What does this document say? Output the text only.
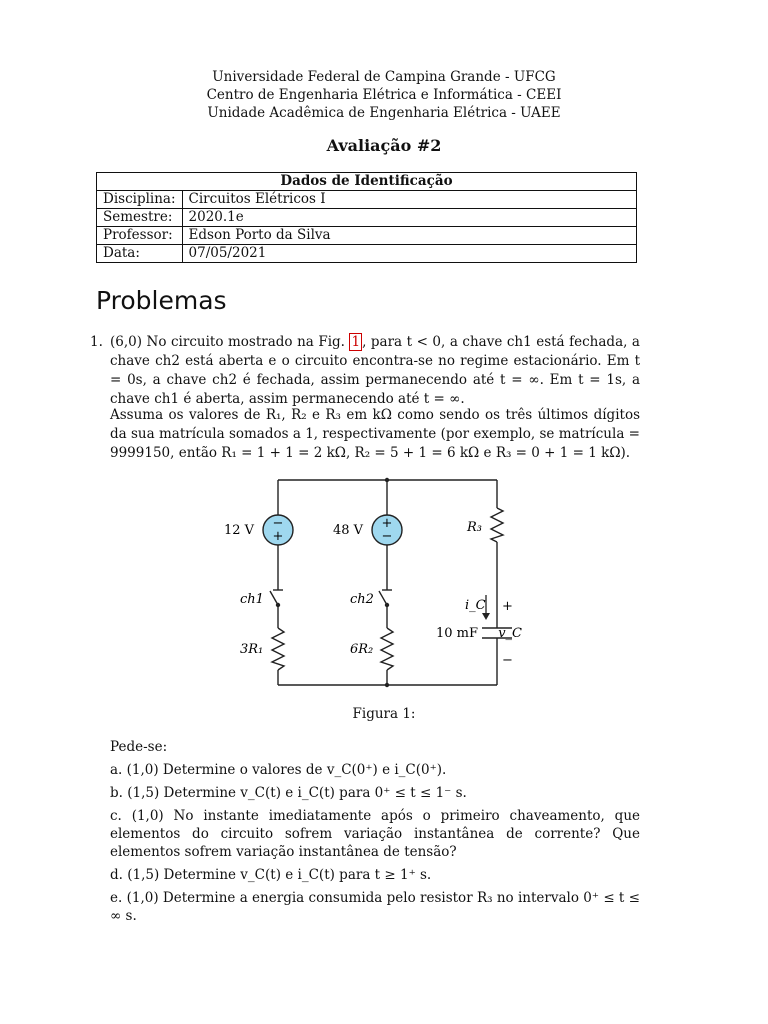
Universidade Federal de Campina Grande - UFCG
Centro de Engenharia Elétrica e Informática - CEEI
Unidade Acadêmica de Engenharia Elétrica - UAEE
Avaliação #2
Dados de Identificação	
Disciplina:	Circuitos Elétricos I
Semestre:	2020.1e
Professor:	Edson Porto da Silva
Data:	07/05/2021
Problemas
1. (6,0) No circuito mostrado na Fig. 1 , para t < 0, a chave ch1 está fechada, a chave ch2 está aberta e o circuito encontra-se no regime estacionário. Em t = 0s, a chave ch2 é fechada, assim permanecendo até t = ∞. Em t = 1s, a chave ch1 é aberta, assim permanecendo até t = ∞.
Assuma os valores de R₁, R₂ e R₃ em kΩ como sendo os três últimos dígitos da sua matrícula somados a 1, respectivamente (por exemplo, se matrícula = 9999150, então R₁ = 1 + 1 = 2 kΩ, R₂ = 5 + 1 = 6 kΩ e R₃ = 0 + 1 = 1 kΩ).
−
+
12 V	+
−
48 V	R₃
ch1	ch2
3R₁	6R₂
10 mF v_C
+
−
i_C
Figura 1:
Pede-se:
a. (1,0) Determine o valores de v_C(0⁺) e i_C(0⁺).
b. (1,5) Determine v_C(t) e i_C(t) para 0⁺ ≤ t ≤ 1⁻ s.
c. (1,0) No instante imediatamente após o primeiro chaveamento, que elementos do circuito sofrem variação instantânea de corrente? Que elementos sofrem variação instantânea de tensão?
d. (1,5) Determine v_C(t) e i_C(t) para t ≥ 1⁺ s.
e. (1,0) Determine a energia consumida pelo resistor R₃ no intervalo 0⁺ ≤ t ≤ ∞ s.
